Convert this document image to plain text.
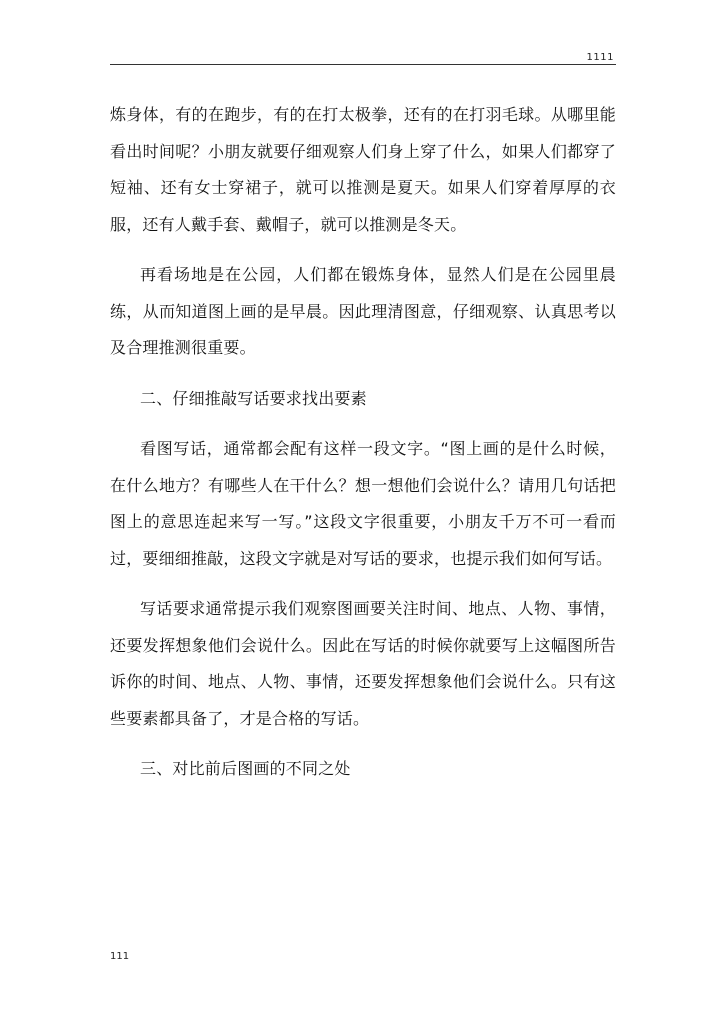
1111

炼身体，有的在跑步，有的在打太极拳，还有的在打羽毛球。从哪里能看出时间呢？小朋友就要仔细观察人们身上穿了什么，如果人们都穿了短袖、还有女士穿裙子，就可以推测是夏天。如果人们穿着厚厚的衣服，还有人戴手套、戴帽子，就可以推测是冬天。

再看场地是在公园，人们都在锻炼身体，显然人们是在公园里晨练，从而知道图上画的是早晨。因此理清图意，仔细观察、认真思考以及合理推测很重要。

二、仔细推敲写话要求找出要素

看图写话，通常都会配有这样一段文字。“图上画的是什么时候，在什么地方？有哪些人在干什么？想一想他们会说什么？请用几句话把图上的意思连起来写一写。”这段文字很重要，小朋友千万不可一看而过，要细细推敲，这段文字就是对写话的要求，也提示我们如何写话。

写话要求通常提示我们观察图画要关注时间、地点、人物、事情，还要发挥想象他们会说什么。因此在写话的时候你就要写上这幅图所告诉你的时间、地点、人物、事情，还要发挥想象他们会说什么。只有这些要素都具备了，才是合格的写话。

三、对比前后图画的不同之处

111
